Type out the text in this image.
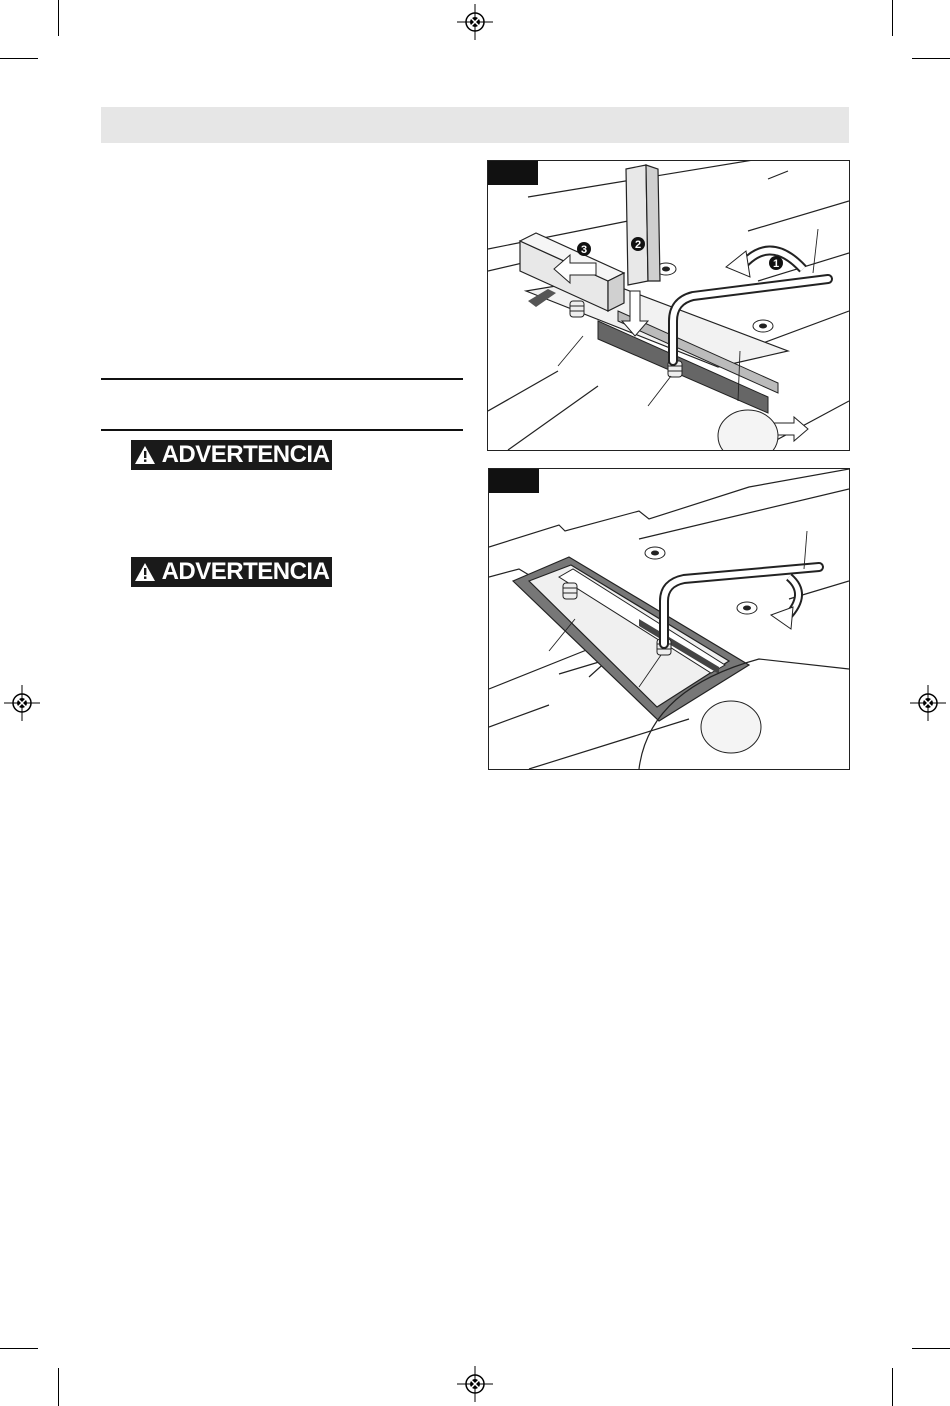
ADVERTENCIA
ADVERTENCIA
3	2
1
